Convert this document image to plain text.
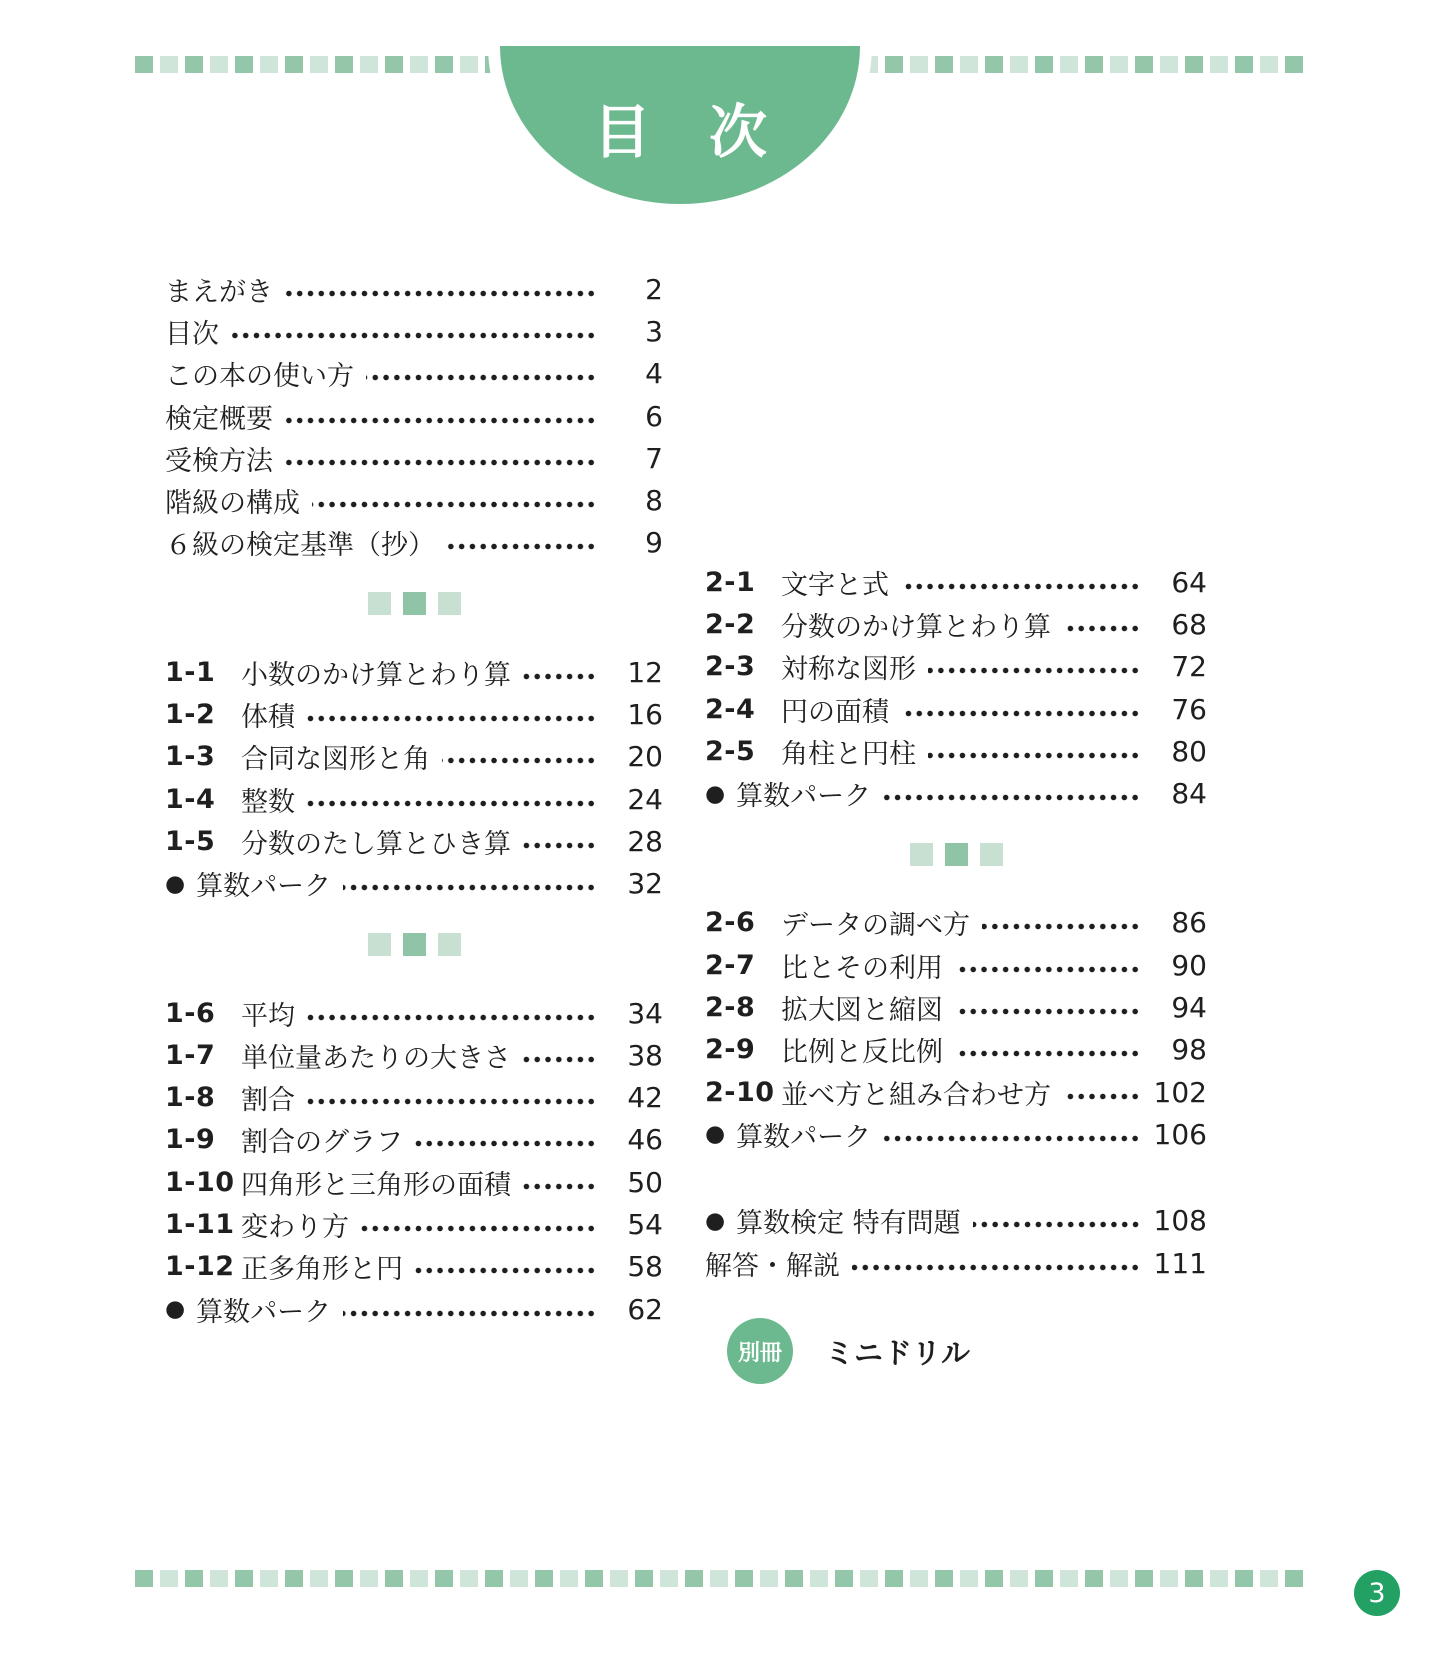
目　次
まえがき	2
目次	3
この本の使い方	4
検定概要	6
受検方法	7
階級の構成	8
６級の検定基準（抄）	9
1-1 小数のかけ算とわり算	12
1-2 体積	16
1-3 合同な図形と角	20
1-4 整数	24
1-5 分数のたし算とひき算	28
● 算数パーク	32
1-6 平均	34
1-7 単位量あたりの大きさ	38
1-8 割合	42
1-9 割合のグラフ	46
1-10 四角形と三角形の面積	50
1-11 変わり方	54
1-12 正多角形と円	58
● 算数パーク	62
2-1 文字と式	64
2-2 分数のかけ算とわり算	68
2-3 対称な図形	72
2-4 円の面積	76
2-5 角柱と円柱	80
● 算数パーク	84
2-6 データの調べ方	86
2-7 比とその利用	90
2-8 拡大図と縮図	94
2-9 比例と反比例	98
2-10 並べ方と組み合わせ方	102
● 算数パーク	106
● 算数検定 特有問題	108
解答・解説	111
別冊	ミニドリル
3
